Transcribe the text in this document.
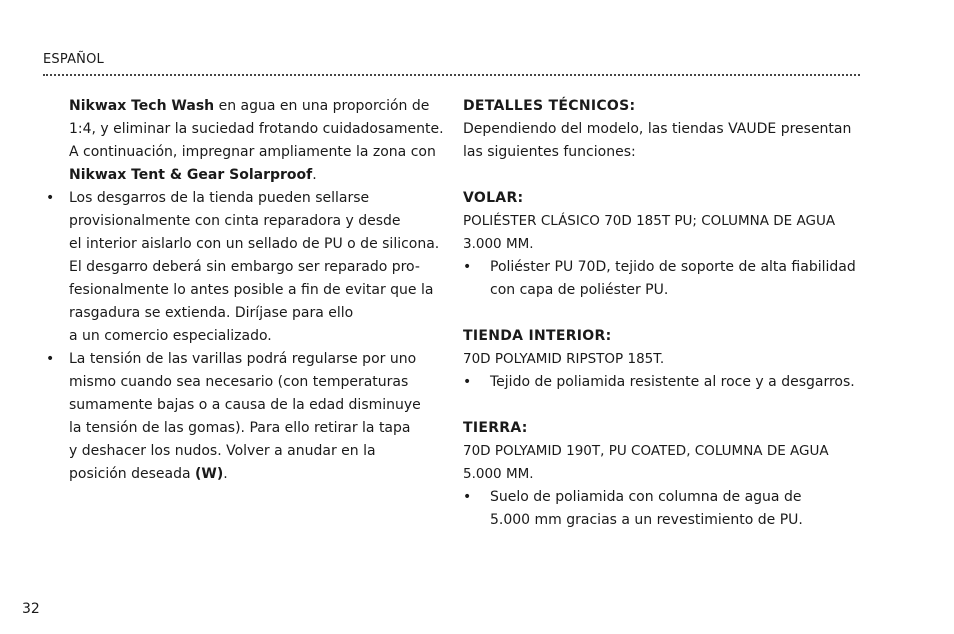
ESPAÑOL

Nikwax Tech Wash en agua en una proporción de
1:4, y eliminar la suciedad frotando cuidadosamente.
A continuación, impregnar ampliamente la zona con
Nikwax Tent & Gear Solarproof.

• Los desgarros de la tienda pueden sellarse
provisionalmente con cinta reparadora y desde
el interior aislarlo con un sellado de PU o de silicona.
El desgarro deberá sin embargo ser reparado pro-
fesionalmente lo antes posible a fin de evitar que la
rasgadura se extienda. Diríjase para ello
a un comercio especializado.

• La tensión de las varillas podrá regularse por uno
mismo cuando sea necesario (con temperaturas
sumamente bajas o a causa de la edad disminuye
la tensión de las gomas). Para ello retirar la tapa
y deshacer los nudos. Volver a anudar en la
posición deseada (W).

DETALLES TÉCNICOS:

Dependiendo del modelo, las tiendas VAUDE presentan
las siguientes funciones:

VOLAR:

POLIÉSTER CLÁSICO 70D 185T PU; COLUMNA DE AGUA
3.000 MM.

• Poliéster PU 70D, tejido de soporte de alta fiabilidad
con capa de poliéster PU.

TIENDA INTERIOR:

70D POLYAMID RIPSTOP 185T.

• Tejido de poliamida resistente al roce y a desgarros.

TIERRA:

70D POLYAMID 190T, PU COATED, COLUMNA DE AGUA
5.000 MM.

• Suelo de poliamida con columna de agua de
5.000 mm gracias a un revestimiento de PU.

32
